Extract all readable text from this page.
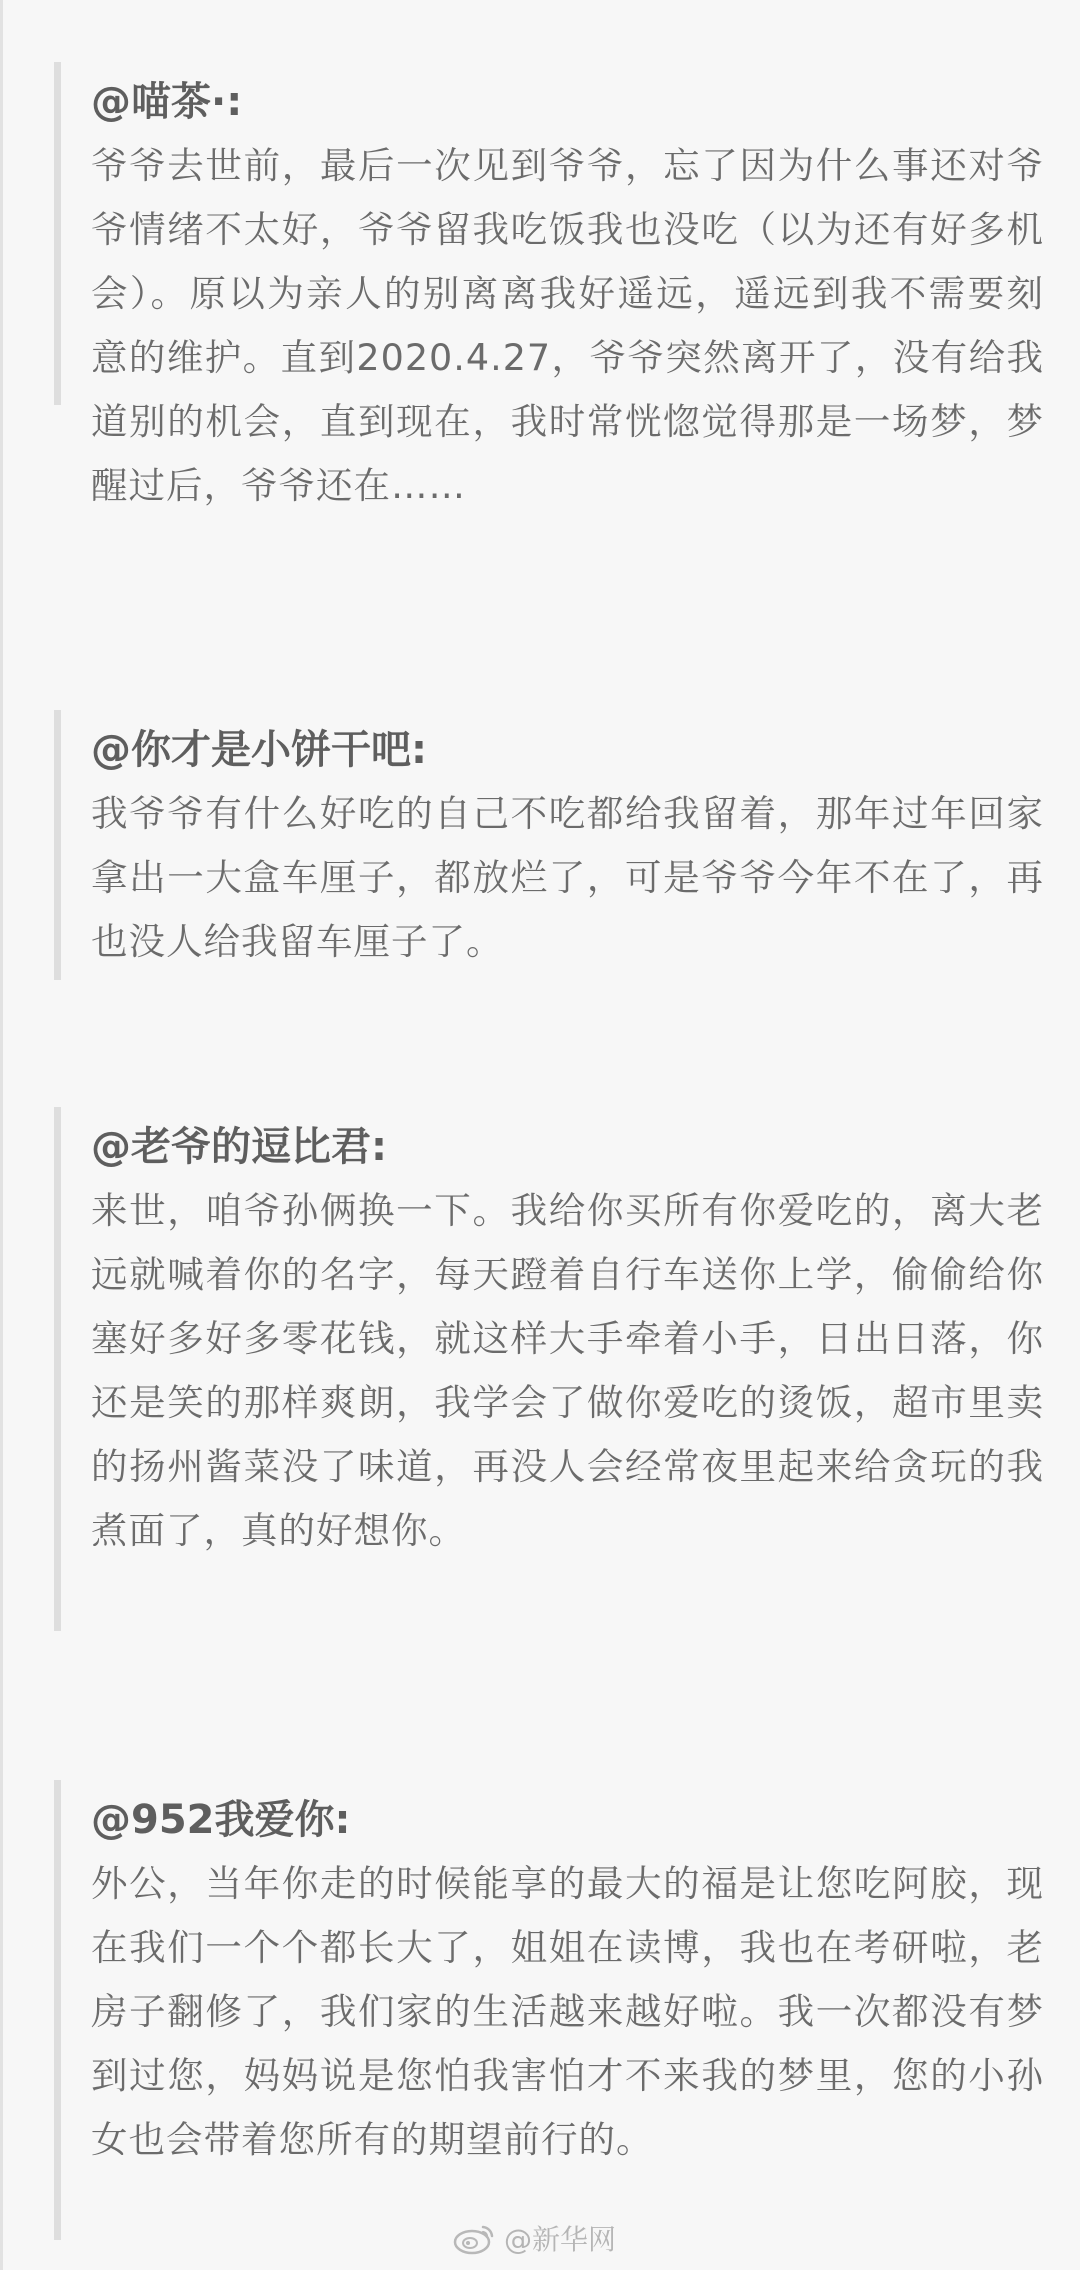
@喵茶·:
爷爷去世前，最后一次见到爷爷，忘了因为什么事还对爷爷情绪不太好，爷爷留我吃饭我也没吃（以为还有好多机会）。原以为亲人的别离离我好遥远，遥远到我不需要刻意的维护。直到2020.4.27，爷爷突然离开了，没有给我道别的机会，直到现在，我时常恍惚觉得那是一场梦，梦醒过后，爷爷还在……
@你才是小饼干吧:
我爷爷有什么好吃的自己不吃都给我留着，那年过年回家 拿出一大盒车厘子，都放烂了，可是爷爷今年不在了，再也没人给我留车厘子了。
@老爷的逗比君:
来世，咱爷孙俩换一下。我给你买所有你爱吃的，离大老远就喊着你的名字，每天蹬着自行车送你上学，偷偷给你塞好多好多零花钱，就这样大手牵着小手，日出日落，你还是笑的那样爽朗，我学会了做你爱吃的烫饭，超市里卖的扬州酱菜没了味道，再没人会经常夜里起来给贪玩的我煮面了，真的好想你。
@952我爱你:
外公，当年你走的时候能享的最大的福是让您吃阿胶，现在我们一个个都长大了，姐姐在读博，我也在考研啦，老房子翻修了，我们家的生活越来越好啦。我一次都没有梦到过您，妈妈说是您怕我害怕才不来我的梦里，您的小孙女也会带着您所有的期望前行的。
@新华网
